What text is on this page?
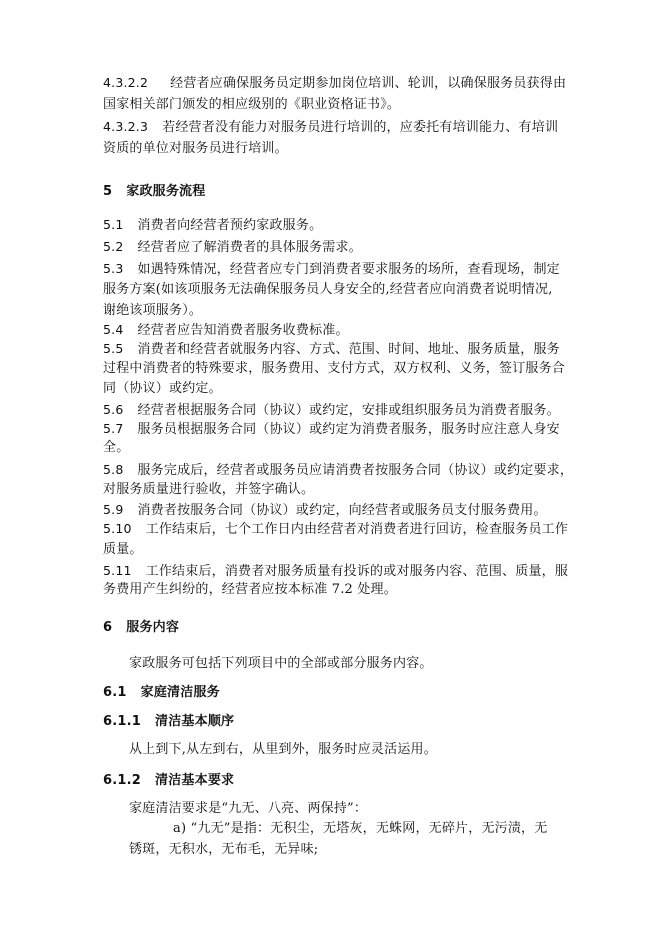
4.3.2.2 经营者应确保服务员定期参加岗位培训、轮训，以确保服务员获得由
国家相关部门颁发的相应级别的《职业资格证书》。
4.3.2.3 若经营者没有能力对服务员进行培训的，应委托有培训能力、有培训
资质的单位对服务员进行培训。
5 家政服务流程
5.1 消费者向经营者预约家政服务。
5.2 经营者应了解消费者的具体服务需求。
5.3 如遇特殊情况，经营者应专门到消费者要求服务的场所，查看现场，制定
服务方案(如该项服务无法确保服务员人身安全的,经营者应向消费者说明情况,
谢绝该项服务）。
5.4 经营者应告知消费者服务收费标准。
5.5 消费者和经营者就服务内容、方式、范围、时间、地址、服务质量，服务
过程中消费者的特殊要求，服务费用、支付方式，双方权利、义务，签订服务合
同（协议）或约定。
5.6 经营者根据服务合同（协议）或约定，安排或组织服务员为消费者服务。
5.7 服务员根据服务合同（协议）或约定为消费者服务，服务时应注意人身安
全。
5.8 服务完成后，经营者或服务员应请消费者按服务合同（协议）或约定要求，
对服务质量进行验收，并签字确认。
5.9 消费者按服务合同（协议）或约定，向经营者或服务员支付服务费用。
5.10 工作结束后，七个工作日内由经营者对消费者进行回访，检查服务员工作
质量。
5.11 工作结束后，消费者对服务质量有投诉的或对服务内容、范围、质量，服
务费用产生纠纷的，经营者应按本标准 7.2 处理。
6 服务内容
家政服务可包括下列项目中的全部或部分服务内容。
6.1 家庭清洁服务
6.1.1 清洁基本顺序
从上到下,从左到右，从里到外，服务时应灵活运用。
6.1.2 清洁基本要求
家庭清洁要求是“九无、八亮、两保持”：
a) “九无”是指：无积尘，无塔灰，无蛛网，无碎片，无污渍，无
锈斑，无积水，无布毛，无异味;
